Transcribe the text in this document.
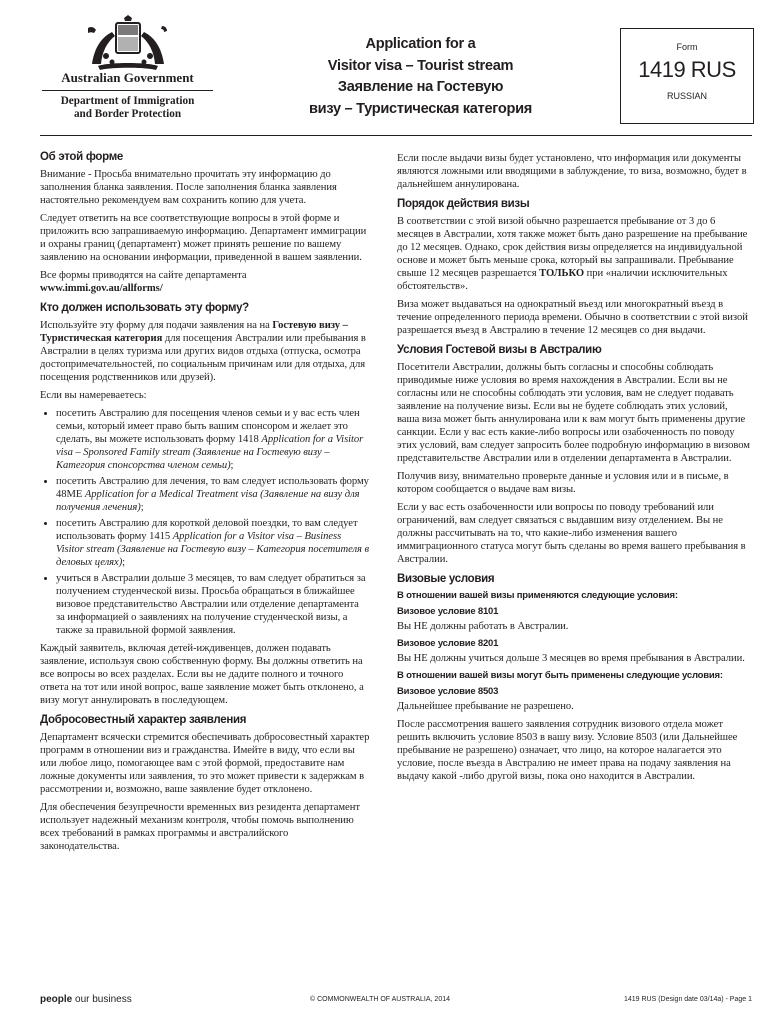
Australian Government
Department of Immigration
and Border Protection
Application for a
Visitor visa – Tourist stream
Заявление на Гостевую
визу – Туристическая категория
Form
1419 RUS
RUSSIAN
Об этой форме

Внимание - Просьба внимательно прочитать эту информацию до заполнения бланка заявления. После заполнения бланка заявления настоятельно рекомендуем вам сохранить копию для учета.

Следует ответить на все соответствующие вопросы в этой форме и приложить всю запрашиваемую информацию. Департамент иммиграции и охраны границ (департамент) может принять решение по вашему заявлению на основании информации, приведенной в вашем заявлении.

Все формы приводятся на сайте департамента
www.immi.gov.au/allforms/

Кто должен использовать эту форму?

Используйте эту форму для подачи заявления на на Гостевую визу – Туристическая категория для посещения Австралии или пребывания в Австралии в целях туризма или других видов отдыха (отпуска, осмотра достопримечательностей, по социальным причинам или для отдыха, для посещения родственников или друзей).

Если вы намереваетесь:

• посетить Австралию для посещения членов семьи и у вас есть член семьи, который имеет право быть вашим спонсором и желает это сделать, вы можете использовать форму 1418 Application for a Visitor visa – Sponsored Family stream (Заявление на Гостевую визу – Категория спонсорства членом семьи);
• посетить Австралию для лечения, то вам следует использовать форму 48ME Application for a Medical Treatment visa (Заявление на визу для получения лечения);
• посетить Австралию для короткой деловой поездки, то вам следует использовать форму 1415 Application for a Visitor visa – Business Visitor stream (Заявление на Гостевую визу – Категория посетителя в деловых целях);
• учиться в Австралии дольше 3 месяцев, то вам следует обратиться за получением студенческой визы. Просьба обращаться в ближайшее визовое представительство Австралии или отделение департамента за информацией о заявлениях на получение студенческой визы, а также за правильной формой заявления.

Каждый заявитель, включая детей-иждивенцев, должен подавать заявление, используя свою собственную форму. Вы должны ответить на все вопросы во всех разделах. Если вы не дадите полного и точного ответа на тот или иной вопрос, ваше заявление может быть отклонено, а визу могут аннулировать в последующем.

Добросовестный характер заявления

Департамент всячески стремится обеспечивать добросовестный характер программ в отношении виз и гражданства. Имейте в виду, что если вы или любое лицо, помогающее вам с этой формой, предоставите нам ложные документы или заявления, то это может привести к задержкам в рассмотрении и, возможно, ваше заявление будет отклонено.

Для обеспечения безупречности временных виз резидента департамент использует надежный механизм контроля, чтобы помочь выполнению всех требований в рамках программы и австралийского законодательства.

Если после выдачи визы будет установлено, что информация или документы являются ложными или вводящими в заблуждение, то виза, возможно, будет в дальнейшем аннулирована.

Порядок действия визы

В соответствии с этой визой обычно разрешается пребывание от 3 до 6 месяцев в Австралии, хотя также может быть дано разрешение на пребывание до 12 месяцев. Однако, срок действия визы определяется на индивидуальной основе и может быть меньше срока, который вы запрашивали. Пребывание свыше 12 месяцев разрешается ТОЛЬКО при «наличии исключительных обстоятельств».

Виза может выдаваться на однократный въезд или многократный въезд в течение определенного периода времени. Обычно в соответствии с этой визой разрешается въезд в Австралию в течение 12 месяцев со дня выдачи.

Условия Гостевой визы в Австралию

Посетители Австралии, должны быть согласны и способны соблюдать приводимые ниже условия во время нахождения в Австралии. Если вы не согласны или не способны соблюдать эти условия, вам не следует подавать заявление на получение визы. Если вы не будете соблюдать этих условий, ваша виза может быть аннулирована или к вам могут быть применены другие санкции. Если у вас есть какие-либо вопросы или озабоченность по поводу этих условий, вам следует запросить более подробную информацию в визовом представительстве Австралии или в отделении департамента в Австралии.

Получив визу, внимательно проверьте данные и условия или и в письме, в котором сообщается о выдаче вам визы.

Если у вас есть озабоченности или вопросы по поводу требований или ограничений, вам следует связаться с выдавшим визу отделением. Вы не должны рассчитывать на то, что какие-либо изменения вашего иммиграционного статуса могут быть сделаны во время вашего пребывания в Австралии.

Визовые условия
В отношении вашей визы применяются следующие условия:
Визовое условие 8101

Вы НЕ должны работать в Австралии.

Визовое условие 8201

Вы НЕ должны учиться дольше 3 месяцев во время пребывания в Австралии.

В отношении вашей визы могут быть применены следующие условия:
Визовое условие 8503

Дальнейшее пребывание не разрешено.

После рассмотрения вашего заявления сотрудник визового отдела может решить включить условие 8503 в вашу визу. Условие 8503 (или Дальнейшее пребывание не разрешено) означает, что лицо, на которое налагается это условие, после въезда в Австралию не имеет права на подачу заявления на выдачу какой -либо другой визы, пока оно находится в Австралии.

people our business	© COMMONWEALTH OF AUSTRALIA, 2014	1419 RUS (Design date 03/14a) - Page 1
